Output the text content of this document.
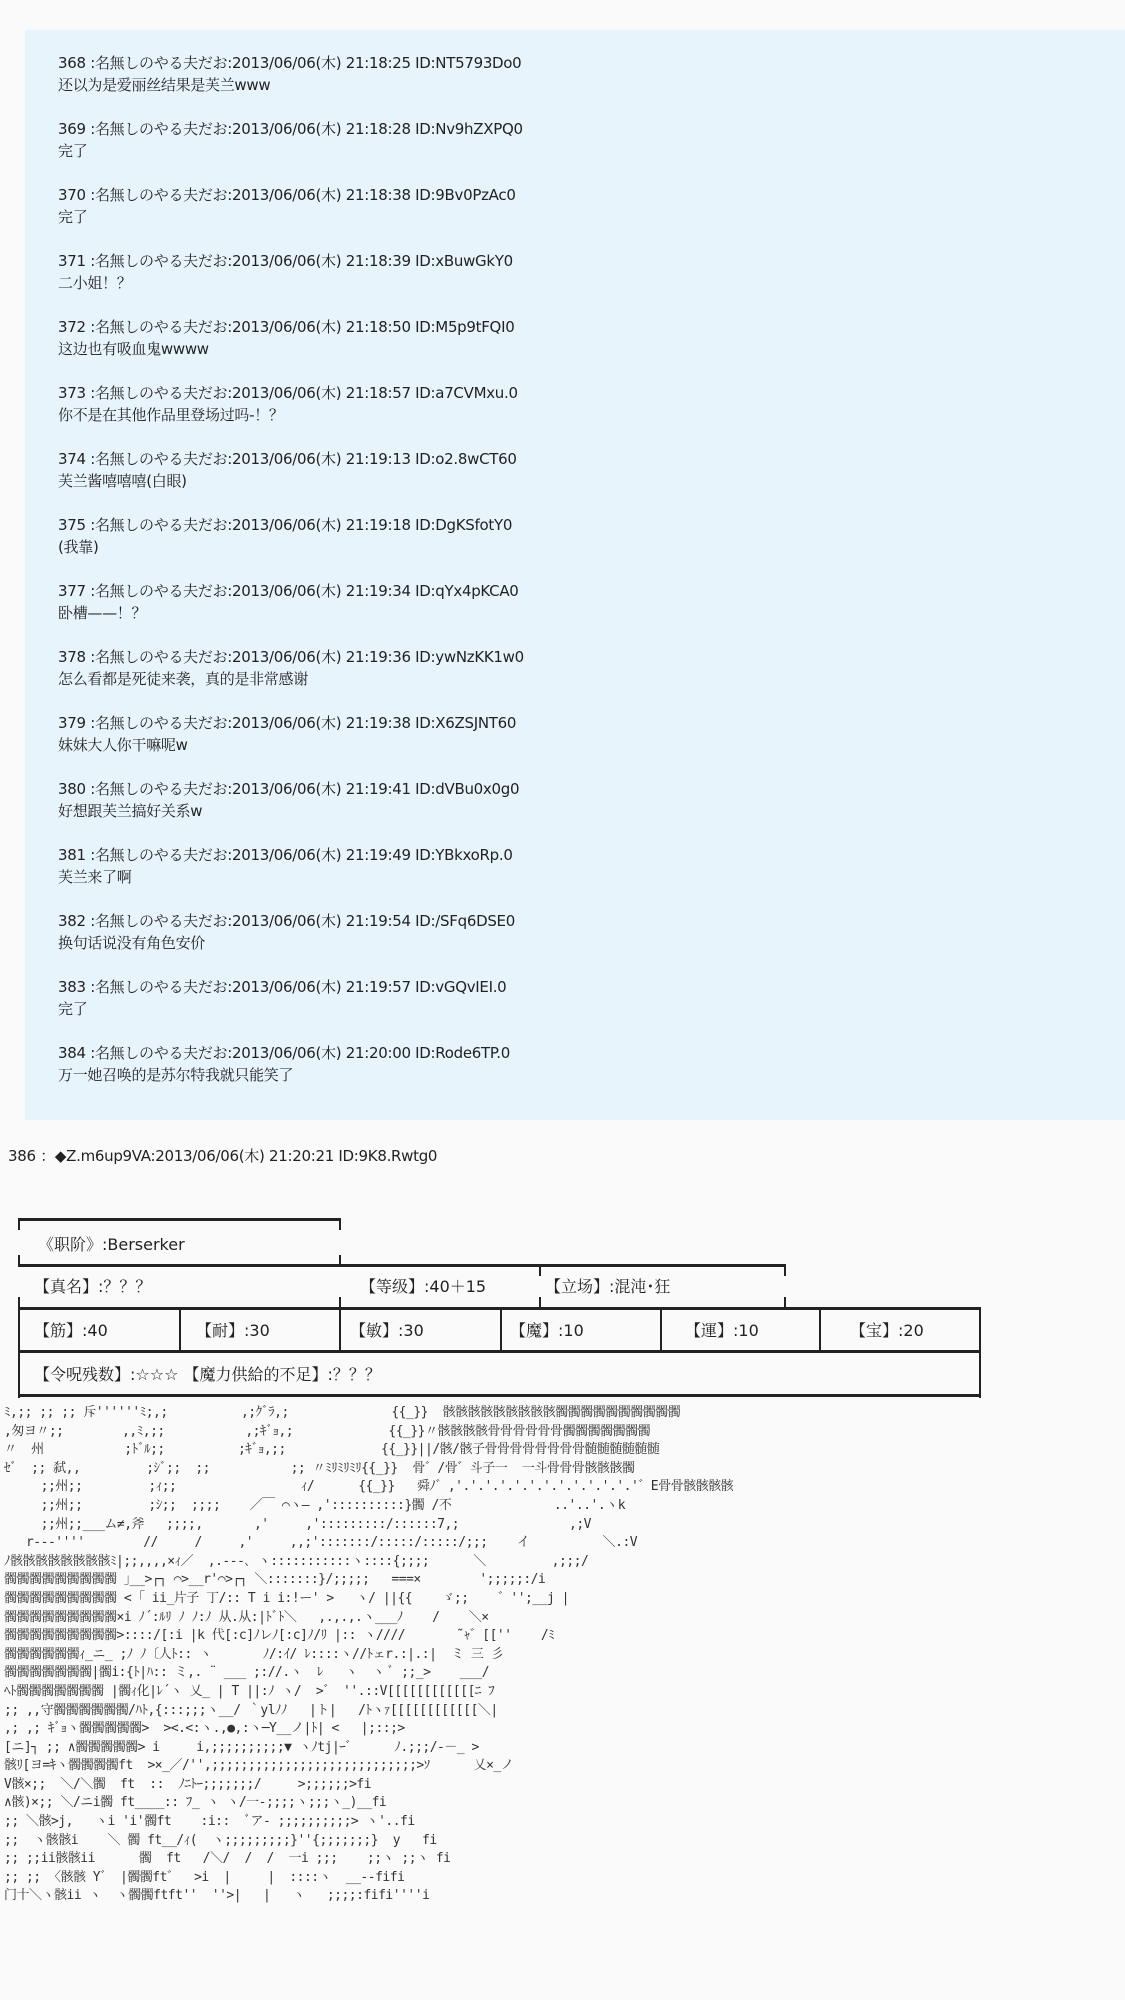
368 :名無しのやる夫だお:2013/06/06(木) 21:18:25 ID:NT5793Do0
还以为是爱丽丝结果是芙兰www
369 :名無しのやる夫だお:2013/06/06(木) 21:18:28 ID:Nv9hZXPQ0
完了
370 :名無しのやる夫だお:2013/06/06(木) 21:18:38 ID:9Bv0PzAc0
完了
371 :名無しのやる夫だお:2013/06/06(木) 21:18:39 ID:xBuwGkY0
二小姐！？
372 :名無しのやる夫だお:2013/06/06(木) 21:18:50 ID:M5p9tFQI0
这边也有吸血鬼wwww
373 :名無しのやる夫だお:2013/06/06(木) 21:18:57 ID:a7CVMxu.0
你不是在其他作品里登场过吗-！？
374 :名無しのやる夫だお:2013/06/06(木) 21:19:13 ID:o2.8wCT60
芙兰酱嘻嘻嘻(白眼)
375 :名無しのやる夫だお:2013/06/06(木) 21:19:18 ID:DgKSfotY0
(我靠)
377 :名無しのやる夫だお:2013/06/06(木) 21:19:34 ID:qYx4pKCA0
卧槽——！？
378 :名無しのやる夫だお:2013/06/06(木) 21:19:36 ID:ywNzKK1w0
怎么看都是死徒来袭，真的是非常感谢
379 :名無しのやる夫だお:2013/06/06(木) 21:19:38 ID:X6ZSJNT60
妹妹大人你干嘛呢w
380 :名無しのやる夫だお:2013/06/06(木) 21:19:41 ID:dVBu0x0g0
好想跟芙兰搞好关系w
381 :名無しのやる夫だお:2013/06/06(木) 21:19:49 ID:YBkxoRp.0
芙兰来了啊
382 :名無しのやる夫だお:2013/06/06(木) 21:19:54 ID:/SFq6DSE0
换句话说没有角色安价
383 :名無しのやる夫だお:2013/06/06(木) 21:19:57 ID:vGQvIEI.0
完了
384 :名無しのやる夫だお:2013/06/06(木) 21:20:00 ID:Rode6TP.0
万一她召唤的是苏尔特我就只能笑了
386 ：◆Z.m6up9VA:2013/06/06(木) 21:20:21 ID:9K8.Rwtg0
《职阶》:Berserker
【真名】:？？？	【等级】:40＋15	【立场】:混沌･狂
【筋】:40	【耐】:30	【敏】:30	【魔】:10	【運】:10	【宝】:20
【令呪残数】:☆☆☆ 【魔力供給的不足】:？？？
ﾐ,;; ;; ;; 斥''''''ﾐ;,;          ,;ｸﾞﾗ,;              {{_}}  骸骸骸骸骸骸骸骸骸髑髑髑髑髑髑髑髑髑髑
,匆ヨ〃;;        ,,ﾐ,;;           ,;ｷﾞｮ,;             {{_}}〃骸骸骸骸骨骨骨骨骨骨髑髑髑髑髑髑髑
〃  州           ;ﾄﾞﾙ;;          ;ｷﾞｮ,;;             {{_}}||/骸/骸子骨骨骨骨骨骨骨骨髄髄髄髄髄髄
ｾﾞ  ;; 弑,,         ;ｼﾞ;;  ;;           ;; 〃ﾐﾘﾐﾘﾐﾘ{{_}}  骨゛/骨゛斗子一  一斗骨骨骨骸骸骸髑
;;州;;         ;ｨ;;                 ｨ/      {{_}}   舜ﾉ゛,'.'.'.'.'.'.'.'.'.'.'.'.'゛E骨骨骸骸骸骸
;;州;;         ;ｼ;;  ;;;;    ／￣ ⌒ヽ― ,'::::::::::}髑 /不              ..'..'.ヽk
;;州;;___ム≠,斧   ;;;;,       ,'     ,':::::::::/::::::7,;               ,;V
r---''''        //     /     ,'     ,,;':::::::/:::::/:::::/;;;    イ          ＼.:V
ﾉ骸骸骸骸骸骸骸骸ﾐ|;;,,,,×ｨ／  ,.-‐-､ ヽ:::::::::::ヽ::::{;;;;      ＼         ,;;;/
髑髑髑髑髑髑髑髑髑 ｣__>┌┐ ⌒>__r'⌒>┌┐ ＼:::::::}/;;;;;   ===×        ';;;;;:/i
髑髑髑髑髑髑髑髑髑 < ｢ ii_片子 丁/:: T i i:!ー' >   ヽ/ ||{{    ゞ;;    ゛'';__j |
髑髑髑髑髑髑髑髑髑×i ﾉ´:ﾙﾘ ﾉ ﾉ:ﾉ 从.从:|ﾄﾞﾄ＼   ,.,.,.ヽ___ﾉ    /    ＼×
髑髑髑髑髑髑髑髑髑>::::/[:i |k 代[:c]ﾉレﾉ[:c]ﾉ/ﾘ |:: ヽ////       ˜ｬ゛[[''    /ﾐ
髑髑髑髑髑髑ｨ_ニ_ ;ﾉ ﾉ〔人ﾄ:: ヽ       ﾉ/:ｲ/ ﾚ::::ヽ//ﾄェr.:|.:|  ミ 三 彡
髑髑髑髑髑髑髑|髑i:{ﾄ|ﾊ:: ミ,. ¨ ___ ;://.ヽ  ﾚ   ヽ  ヽ ﾞ ;;_>    ___/
ﾍﾄ髑髑髑髑髑髑髑 |髑ｨ化|ﾚ´ヽ 乂_ | T ||:ﾉ ヽ/  >゛ ''.::V[[[[[[[[[[[[ﾆ ﾌ
;; ,,守髑髑髑髑髑髑/ﾊﾄ,{:::;;;ヽ__/ ｀ylﾉﾉ   |ト|   /ﾄヽｧ[[[[[[[[[[[[＼|
,; ,; ｷﾞｮヽ髑髑髑髑髑>  ><.<:ヽ.,●,:ヽ─Y__ノ|ﾄ| <   |;::;>
[ニ]┐ ;; ∧髑髑髑髑髑> i     i,;;;;;;;;;;▼ ヽﾉtj|ｰ゛     ﾉ.;;;/‐－_ >
骸ﾘ[ヨ=ｷヽ髑髑髑髑ft  >×_／/'',;;;;;;;;;;;;;;;;;;;;;;;;;;;;>ｿ      乂×_ノ
V骸×;;  ＼/＼髑  ft  ::  ﾉﾆﾄｰ;;;;;;;/     >;;;;;;>fi
∧骸)×;; ＼/ニi髑 ft____:: ﾌ_ ヽ ヽ/一-;;;;ヽ;;;ヽ_)__fi
;; ＼骸>j,   ヽi 'i'髑ft    :i::  ﾞア‐ ;;;;;;;;;;> ヽ'..fi
;;  ヽ骸骸i    ＼ 髑 ft__/ｨ(  ヽ;;;;;;;;;}''{;;;;;;;}  y   fi
;; ;;ii骸骸ii      髑  ft   /＼/  /  /  一i ;;;    ;;ヽ ;;ヽ fi
;; ;; 〈骸骸 Y゛ |髑髑ft゛  >i  |     |  ::::ヽ  __--fifi
门十＼ヽ骸ii ヽ  ヽ髑髑ftft''  ''>|   |   ヽ   ;;;;:fifi''''i
